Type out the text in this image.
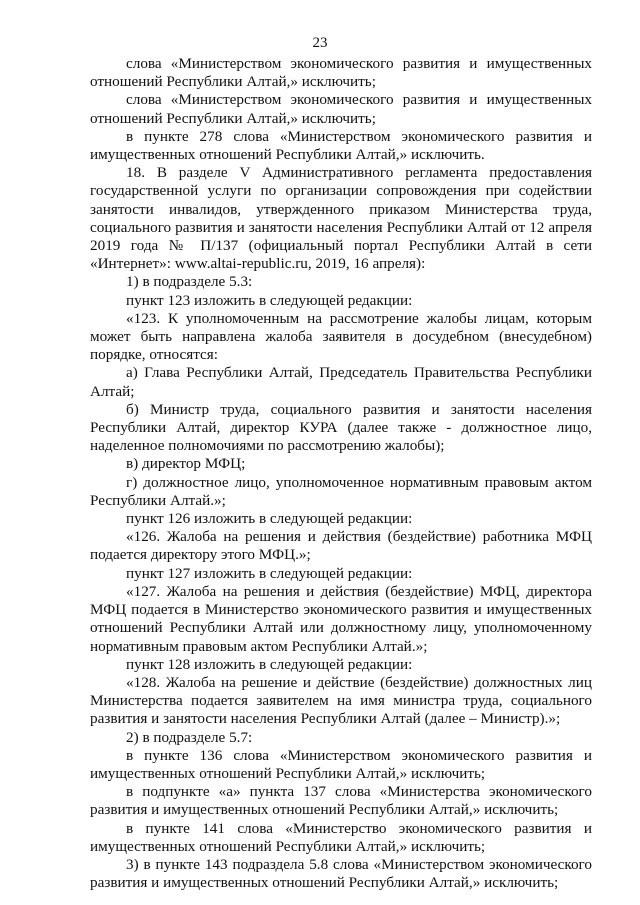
23

слова «Министерством экономического развития и имущественных отношений Республики Алтай,» исключить;

слова «Министерством экономического развития и имущественных отношений Республики Алтай,» исключить;

в пункте 278 слова «Министерством экономического развития и имущественных отношений Республики Алтай,» исключить.

18. В разделе V Административного регламента предоставления государственной услуги по организации сопровождения при содействии занятости инвалидов, утвержденного приказом Министерства труда, социального развития и занятости населения Республики Алтай от 12 апреля 2019 года № П/137 (официальный портал Республики Алтай в сети «Интернет»: www.altai-republic.ru, 2019, 16 апреля):

1) в подразделе 5.3:

пункт 123 изложить в следующей редакции:

«123. К уполномоченным на рассмотрение жалобы лицам, которым может быть направлена жалоба заявителя в досудебном (внесудебном) порядке, относятся:

а) Глава Республики Алтай, Председатель Правительства Республики Алтай;

б) Министр труда, социального развития и занятости населения Республики Алтай, директор КУРА (далее также - должностное лицо, наделенное полномочиями по рассмотрению жалобы);

в) директор МФЦ;

г) должностное лицо, уполномоченное нормативным правовым актом Республики Алтай.»;

пункт 126 изложить в следующей редакции:

«126. Жалоба на решения и действия (бездействие) работника МФЦ подается директору этого МФЦ.»;

пункт 127 изложить в следующей редакции:

«127. Жалоба на решения и действия (бездействие) МФЦ, директора МФЦ подается в Министерство экономического развития и имущественных отношений Республики Алтай или должностному лицу, уполномоченному нормативным правовым актом Республики Алтай.»;

пункт 128 изложить в следующей редакции:

«128. Жалоба на решение и действие (бездействие) должностных лиц Министерства подается заявителем на имя министра труда, социального развития и занятости населения Республики Алтай (далее – Министр).»;

2) в подразделе 5.7:

в пункте 136 слова «Министерством экономического развития и имущественных отношений Республики Алтай,» исключить;

в подпункте «а» пункта 137 слова «Министерства экономического развития и имущественных отношений Республики Алтай,» исключить;

в пункте 141 слова «Министерство экономического развития и имущественных отношений Республики Алтай,» исключить;

3) в пункте 143 подраздела 5.8 слова «Министерством экономического развития и имущественных отношений Республики Алтай,» исключить;
